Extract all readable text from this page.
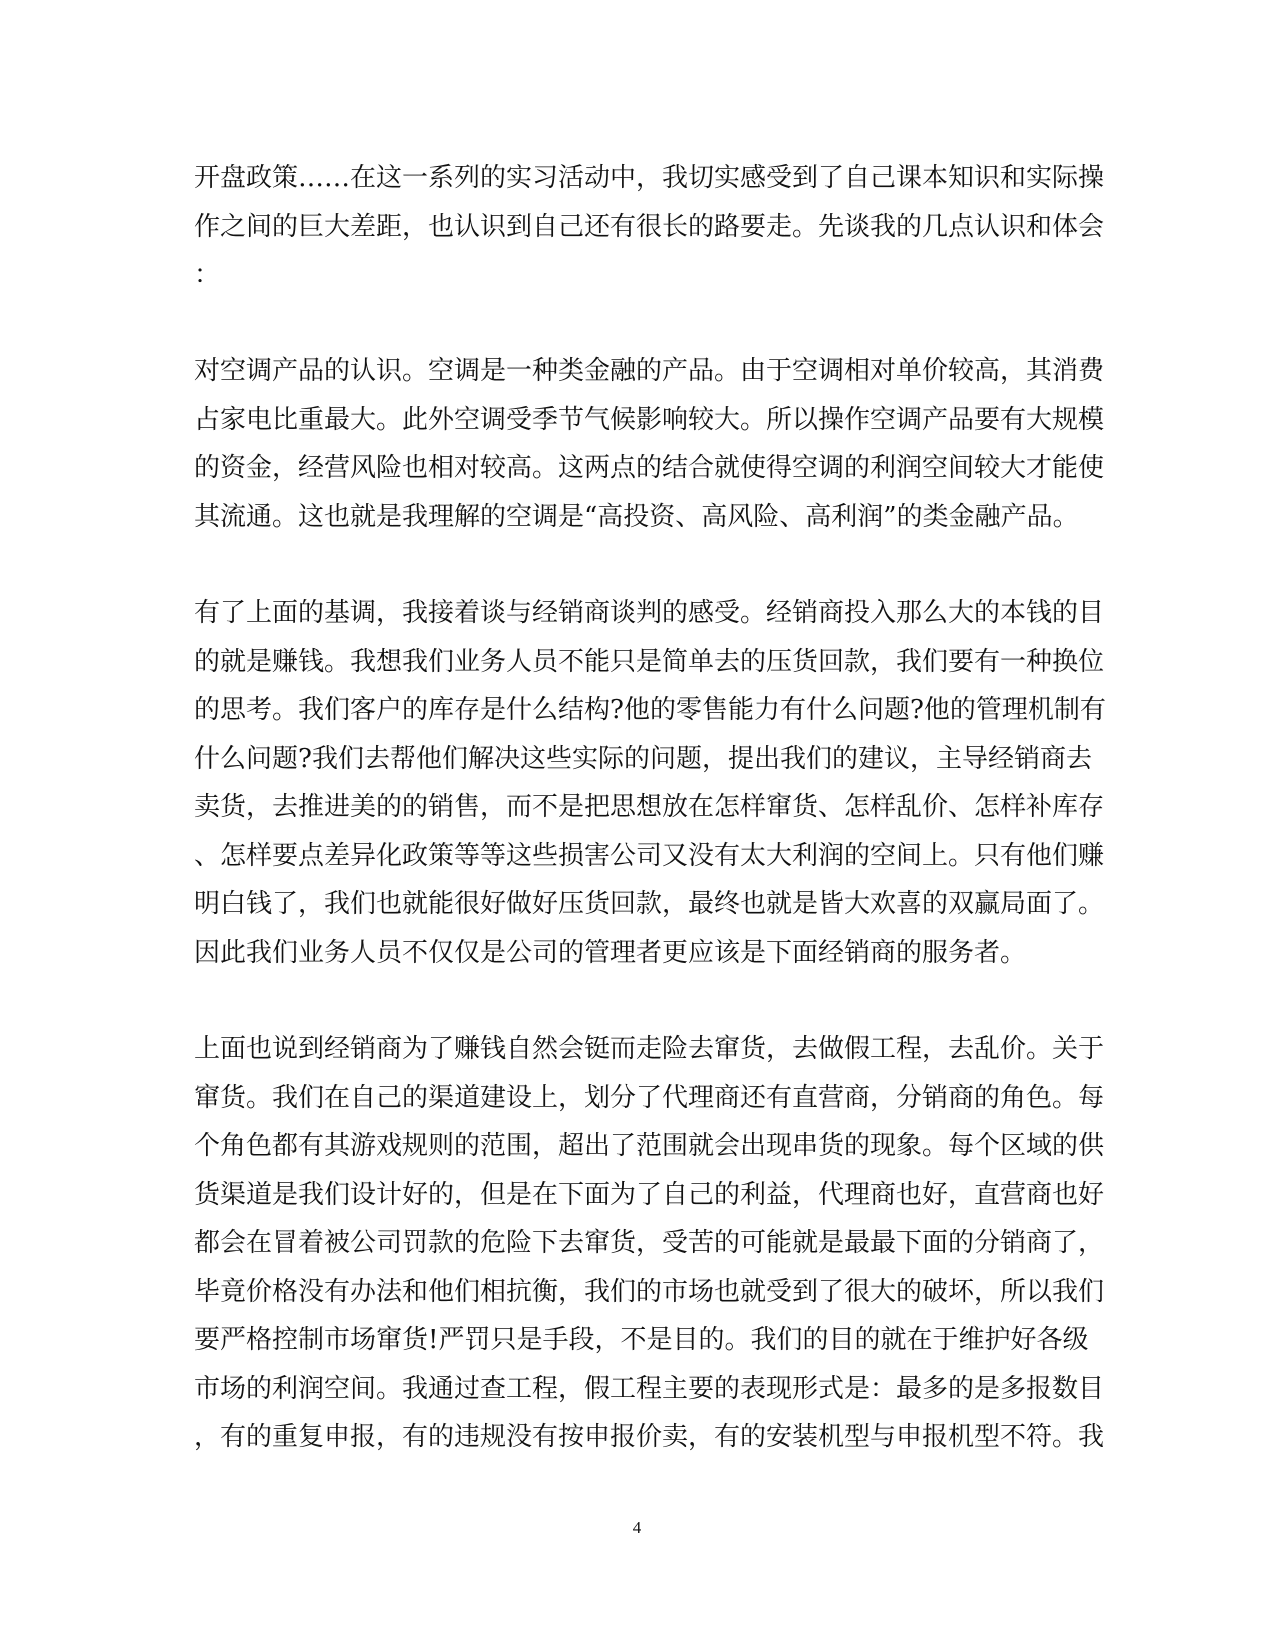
开盘政策……在这一系列的实习活动中，我切实感受到了自己课本知识和实际操
作之间的巨大差距，也认识到自己还有很长的路要走。先谈我的几点认识和体会
：

对空调产品的认识。空调是一种类金融的产品。由于空调相对单价较高，其消费
占家电比重最大。此外空调受季节气候影响较大。所以操作空调产品要有大规模
的资金，经营风险也相对较高。这两点的结合就使得空调的利润空间较大才能使
其流通。这也就是我理解的空调是“高投资、高风险、高利润”的类金融产品。

有了上面的基调，我接着谈与经销商谈判的感受。经销商投入那么大的本钱的目
的就是赚钱。我想我们业务人员不能只是简单去的压货回款，我们要有一种换位
的思考。我们客户的库存是什么结构?他的零售能力有什么问题?他的管理机制有
什么问题?我们去帮他们解决这些实际的问题，提出我们的建议，主导经销商去
卖货，去推进美的的销售，而不是把思想放在怎样窜货、怎样乱价、怎样补库存
、怎样要点差异化政策等等这些损害公司又没有太大利润的空间上。只有他们赚
明白钱了，我们也就能很好做好压货回款，最终也就是皆大欢喜的双赢局面了。
因此我们业务人员不仅仅是公司的管理者更应该是下面经销商的服务者。

上面也说到经销商为了赚钱自然会铤而走险去窜货，去做假工程，去乱价。关于
窜货。我们在自己的渠道建设上，划分了代理商还有直营商，分销商的角色。每
个角色都有其游戏规则的范围，超出了范围就会出现串货的现象。每个区域的供
货渠道是我们设计好的，但是在下面为了自己的利益，代理商也好，直营商也好
都会在冒着被公司罚款的危险下去窜货，受苦的可能就是最最下面的分销商了，
毕竟价格没有办法和他们相抗衡，我们的市场也就受到了很大的破坏，所以我们
要严格控制市场窜货!严罚只是手段，不是目的。我们的目的就在于维护好各级
市场的利润空间。我通过查工程，假工程主要的表现形式是：最多的是多报数目
，有的重复申报，有的违规没有按申报价卖，有的安装机型与申报机型不符。我

4
